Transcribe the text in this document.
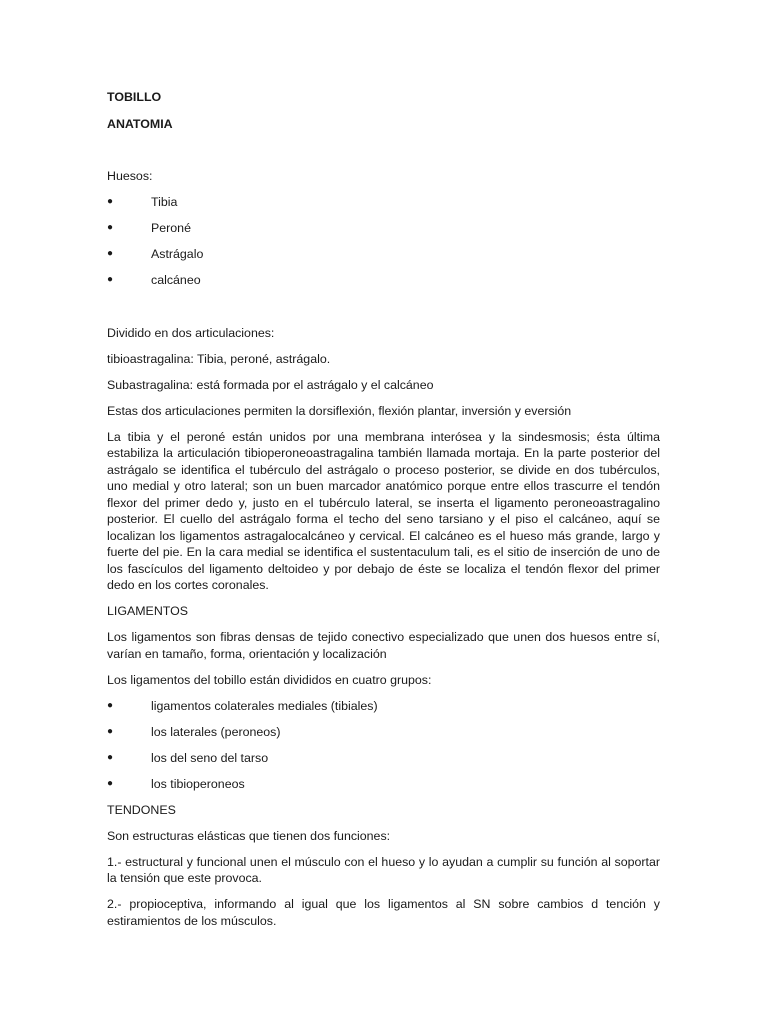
TOBILLO

ANATOMIA

Huesos:

●	Tibia
●	Peroné
●	Astrágalo
●	calcáneo

Dividido en dos articulaciones:

tibioastragalina: Tibia, peroné, astrágalo.

Subastragalina: está formada por el astrágalo y el calcáneo

Estas dos articulaciones permiten la dorsiflexión, flexión plantar, inversión y eversión

La tibia y el peroné están unidos por una membrana interósea y la sindesmosis; ésta última estabiliza la articulación tibioperoneoastragalina también llamada mortaja. En la parte posterior del astrágalo se identifica el tubérculo del astrágalo o proceso posterior, se divide en dos tubérculos, uno medial y otro lateral; son un buen marcador anatómico porque entre ellos trascurre el tendón flexor del primer dedo y, justo en el tubérculo lateral, se inserta el ligamento peroneoastragalino posterior. El cuello del astrágalo forma el techo del seno tarsiano y el piso el calcáneo, aquí se localizan los ligamentos astragalocalcáneo y cervical. El calcáneo es el hueso más grande, largo y fuerte del pie. En la cara medial se identifica el sustentaculum tali, es el sitio de inserción de uno de los fascículos del ligamento deltoideo y por debajo de éste se localiza el tendón flexor del primer dedo en los cortes coronales.

LIGAMENTOS

Los ligamentos son fibras densas de tejido conectivo especializado que unen dos huesos entre sí, varían en tamaño, forma, orientación y localización

Los ligamentos del tobillo están divididos en cuatro grupos:

●	ligamentos colaterales mediales (tibiales)
●	los laterales (peroneos)
●	los del seno del tarso
●	los tibioperoneos

TENDONES

Son estructuras elásticas que tienen dos funciones:

1.- estructural y funcional unen el músculo con el hueso y lo ayudan a cumplir su función al soportar la tensión que este provoca.

2.- propioceptiva, informando al igual que los ligamentos al SN sobre cambios d tención y estiramientos de los músculos.
